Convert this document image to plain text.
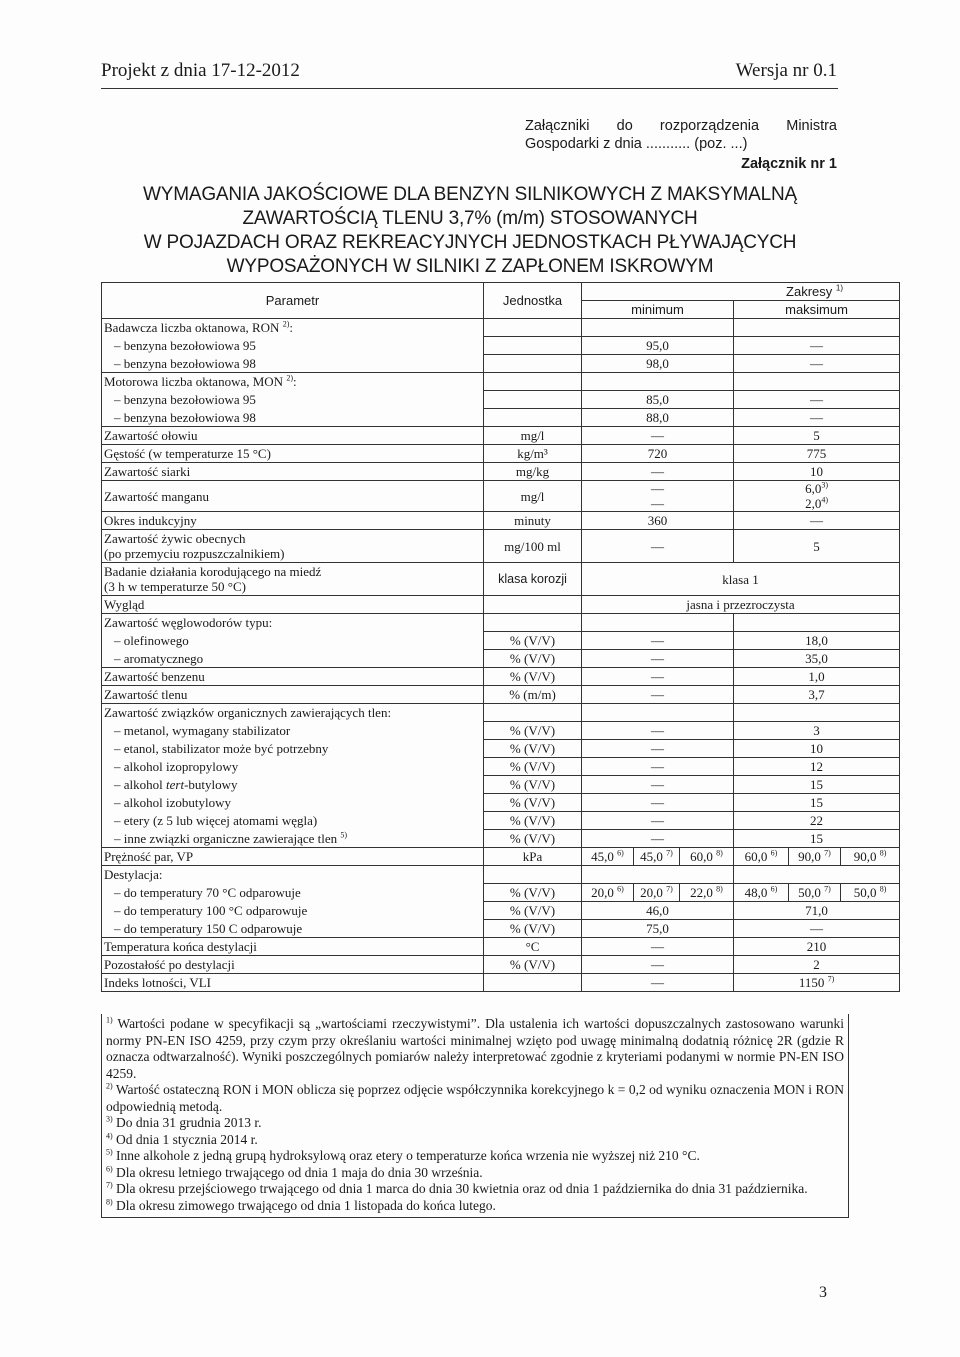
Projekt z dnia 17-12-2012	Wersja nr 0.1
Załączniki do rozporządzenia Ministra
Gospodarki z dnia ........... (poz. ...)
Załącznik nr 1
WYMAGANIA JAKOŚCIOWE DLA BENZYN SILNIKOWYCH Z MAKSYMALNĄ
ZAWARTOŚCIĄ TLENU 3,7% (m/m) STOSOWANYCH
W POJAZDACH ORAZ REKREACYJNYCH JEDNOSTKACH PŁYWAJĄCYCH
WYPOSAŻONYCH W SILNIKI Z ZAPŁONEM ISKROWYM
Parametr	Jednostka	Zakresy $^{1)}$
		minimum			maksimum		
Badawcza liczba oktanowa, RON $^{2)}$:							
– benzyna bezołowiowa 95		95,0			—		
– benzyna bezołowiowa 98		98,0			—		
Motorowa liczba oktanowa, MON $^{2)}$:							
– benzyna bezołowiowa 95		85,0			—		
– benzyna bezołowiowa 98		88,0			—		
Zawartość ołowiu	mg/l	—			5		
Gęstość (w temperaturze 15 °C)	kg/m³	720			775		
Zawartość siarki	mg/kg	—			10		
Zawartość manganu	mg/l	—			6,0$^{3)}$
		—			2,0$^{4)}$
Okres indukcyjny	minuty	360			—		

Zawartość żywic obecnych
(po przemyciu rozpuszczalnikiem)	mg/100 ml	—			5		

Badanie działania korodującego na miedź
(3 h w temperaturze 50 °C)	klasa korozji	klasa 1					
Wygląd		jasna i przezroczysta					
Zawartość węglowodorów typu:							
– olefinowego	% (V/V)	—			18,0		
– aromatycznego	% (V/V)	—			35,0		
Zawartość benzenu	% (V/V)	—			1,0		
Zawartość tlenu	% (m/m)	—			3,7		
Zawartość związków organicznych zawierających tlen:							
– metanol, wymagany stabilizator	% (V/V)	—			3		
– etanol, stabilizator może być potrzebny	% (V/V)	—			10		
– alkohol izopropylowy	% (V/V)	—			12		
– alkohol tert-butylowy	% (V/V)	—			15		
– alkohol izobutylowy	% (V/V)	—			15		
– etery (z 5 lub więcej atomami węgla)	% (V/V)	—			22		
– inne związki organiczne zawierające tlen $^{5)}$	% (V/V)	—			15		
Prężność par, VP	kPa	45,0 $^{6)}$	45,0 $^{7)}$	60,0 $^{8)}$	60,0 $^{6)}$	90,0 $^{7)}$	90,0 $^{8)}$
Destylacja:							
– do temperatury 70 °C odparowuje	% (V/V)	20,0 $^{6)}$	20,0 $^{7)}$	22,0 $^{8)}$	48,0 $^{6)}$	50,0 $^{7)}$	50,0 $^{8)}$
– do temperatury 100 °C odparowuje	% (V/V)	46,0			71,0		
– do temperatury 150 C odparowuje	% (V/V)	75,0			—		
Temperatura końca destylacji	°C	—			210		
Pozostałość po destylacji	% (V/V)	—			2		
Indeks lotności, VLI		—			1150 $^{7)}$

$^{1)}$ Wartości podane w specyfikacji są „wartościami rzeczywistymi”. Dla ustalenia ich wartości dopuszczalnych zastosowano warunki normy PN-EN ISO 4259, przy czym przy określaniu wartości minimalnej wzięto pod uwagę minimalną dodatnią różnicę 2R (gdzie R oznacza odtwarzalność). Wyniki poszczególnych pomiarów należy interpretować zgodnie z kryteriami podanymi w normie PN-EN ISO 4259.

$^{2)}$ Wartość ostateczną RON i MON oblicza się poprzez odjęcie współczynnika korekcyjnego k = 0,2 od wyniku oznaczenia MON i RON odpowiednią metodą.

$^{3)}$ Do dnia 31 grudnia 2013 r.

$^{4)}$ Od dnia 1 stycznia 2014 r.

$^{5)}$ Inne alkohole z jedną grupą hydroksylową oraz etery o temperaturze końca wrzenia nie wyższej niż 210 °C.

$^{6)}$ Dla okresu letniego trwającego od dnia 1 maja do dnia 30 września.

$^{7)}$ Dla okresu przejściowego trwającego od dnia 1 marca do dnia 30 kwietnia oraz od dnia 1 października do dnia 31 października.

$^{8)}$ Dla okresu zimowego trwającego od dnia 1 listopada do końca lutego.

3
